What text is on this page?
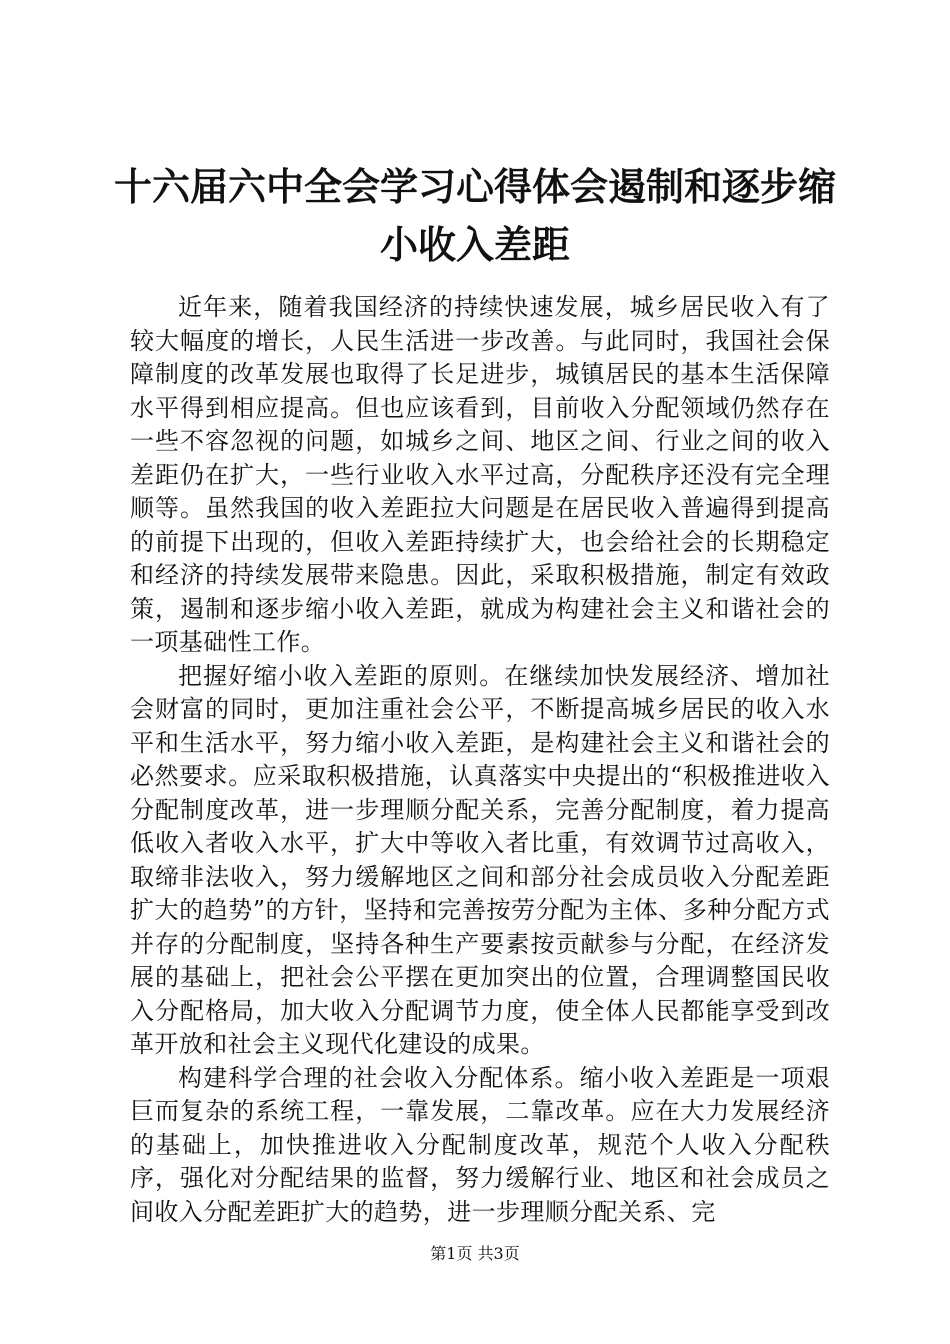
十六届六中全会学习心得体会遏制和逐步缩小收入差距

近年来，随着我国经济的持续快速发展，城乡居民收入有了较大幅度的增长，人民生活进一步改善。与此同时，我国社会保障制度的改革发展也取得了长足进步，城镇居民的基本生活保障水平得到相应提高。但也应该看到，目前收入分配领域仍然存在一些不容忽视的问题，如城乡之间、地区之间、行业之间的收入差距仍在扩大，一些行业收入水平过高，分配秩序还没有完全理顺等。虽然我国的收入差距拉大问题是在居民收入普遍得到提高的前提下出现的，但收入差距持续扩大，也会给社会的长期稳定和经济的持续发展带来隐患。因此，采取积极措施，制定有效政策，遏制和逐步缩小收入差距，就成为构建社会主义和谐社会的一项基础性工作。

把握好缩小收入差距的原则。在继续加快发展经济、增加社会财富的同时，更加注重社会公平，不断提高城乡居民的收入水平和生活水平，努力缩小收入差距，是构建社会主义和谐社会的必然要求。应采取积极措施，认真落实中央提出的“积极推进收入分配制度改革，进一步理顺分配关系，完善分配制度，着力提高低收入者收入水平，扩大中等收入者比重，有效调节过高收入，取缔非法收入，努力缓解地区之间和部分社会成员收入分配差距扩大的趋势”的方针，坚持和完善按劳分配为主体、多种分配方式并存的分配制度，坚持各种生产要素按贡献参与分配，在经济发展的基础上，把社会公平摆在更加突出的位置，合理调整国民收入分配格局，加大收入分配调节力度，使全体人民都能享受到改革开放和社会主义现代化建设的成果。

构建科学合理的社会收入分配体系。缩小收入差距是一项艰巨而复杂的系统工程，一靠发展，二靠改革。应在大力发展经济的基础上，加快推进收入分配制度改革，规范个人收入分配秩序，强化对分配结果的监督，努力缓解行业、地区和社会成员之间收入分配差距扩大的趋势，进一步理顺分配关系、完

第1页 共3页
